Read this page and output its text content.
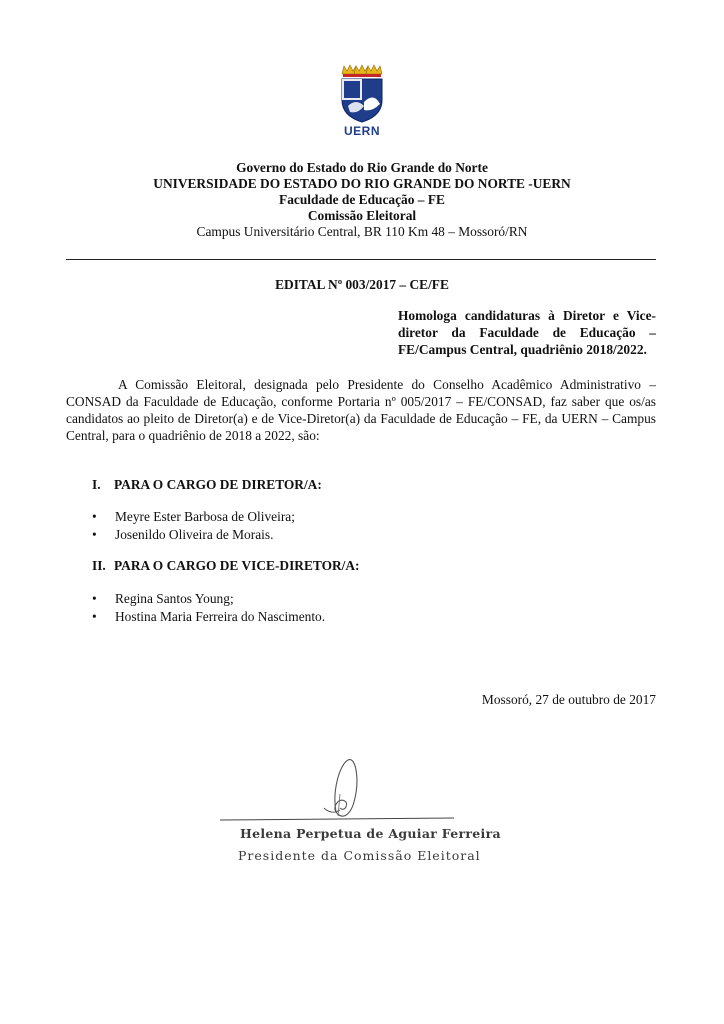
UERN
Governo do Estado do Rio Grande do Norte
UNIVERSIDADE DO ESTADO DO RIO GRANDE DO NORTE -UERN
Faculdade de Educação – FE
Comissão Eleitoral
Campus Universitário Central, BR 110 Km 48 – Mossoró/RN
EDITAL Nº 003/2017 – CE/FE
Homologa candidaturas à Diretor e Vice-diretor da Faculdade de Educação – FE/Campus Central, quadriênio 2018/2022.
A Comissão Eleitoral, designada pelo Presidente do Conselho Acadêmico Administrativo – CONSAD da Faculdade de Educação, conforme Portaria nº 005/2017 – FE/CONSAD, faz saber que os/as candidatos ao pleito de Diretor(a) e de Vice-Diretor(a) da Faculdade de Educação – FE, da UERN – Campus Central, para o quadriênio de 2018 a 2022, são:
I. PARA O CARGO DE DIRETOR/A:
• Meyre Ester Barbosa de Oliveira;
• Josenildo Oliveira de Morais.
II. PARA O CARGO DE VICE-DIRETOR/A:
• Regina Santos Young;
• Hostina Maria Ferreira do Nascimento.
Mossoró, 27 de outubro de 2017
Helena Perpetua de Aguiar Ferreira
Presidente da Comissão Eleitoral
